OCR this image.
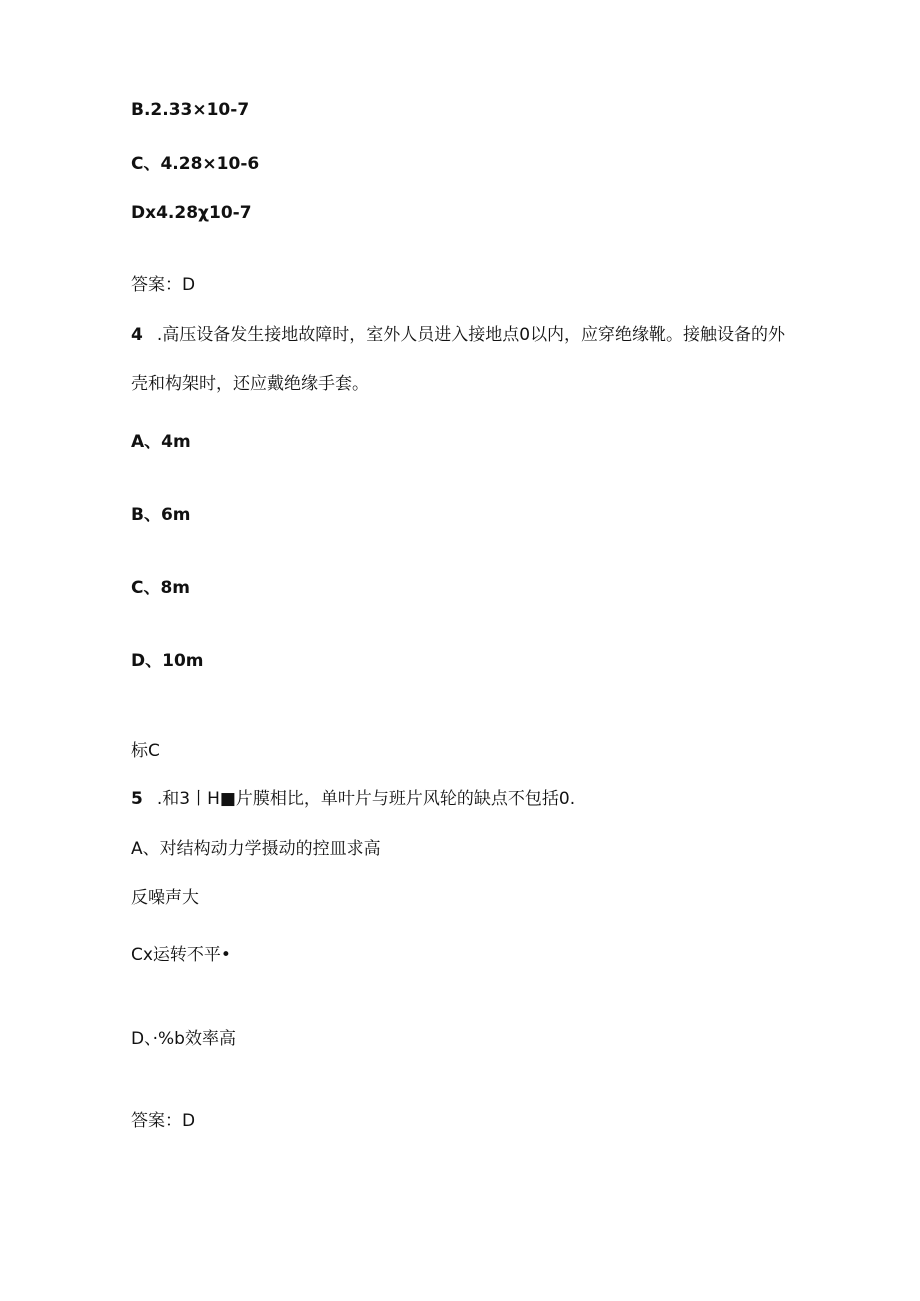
B.2.33×10-7
C、4.28×10-6
Dx4.28χ10-7
答案：D
4 .高压设备发生接地故障时，室外人员进入接地点0以内，应穿绝缘靴。接触设备的外
壳和构架时，还应戴绝缘手套。
A、4m
B、6m
C、8m
D、10m
标C
5 .和3丨H■片膜相比，单叶片与班片风轮的缺点不包括0.
A、对结构动力学摄动的控皿求高
反噪声大
Cx运转不平•
D、·%b效率高
答案：D
